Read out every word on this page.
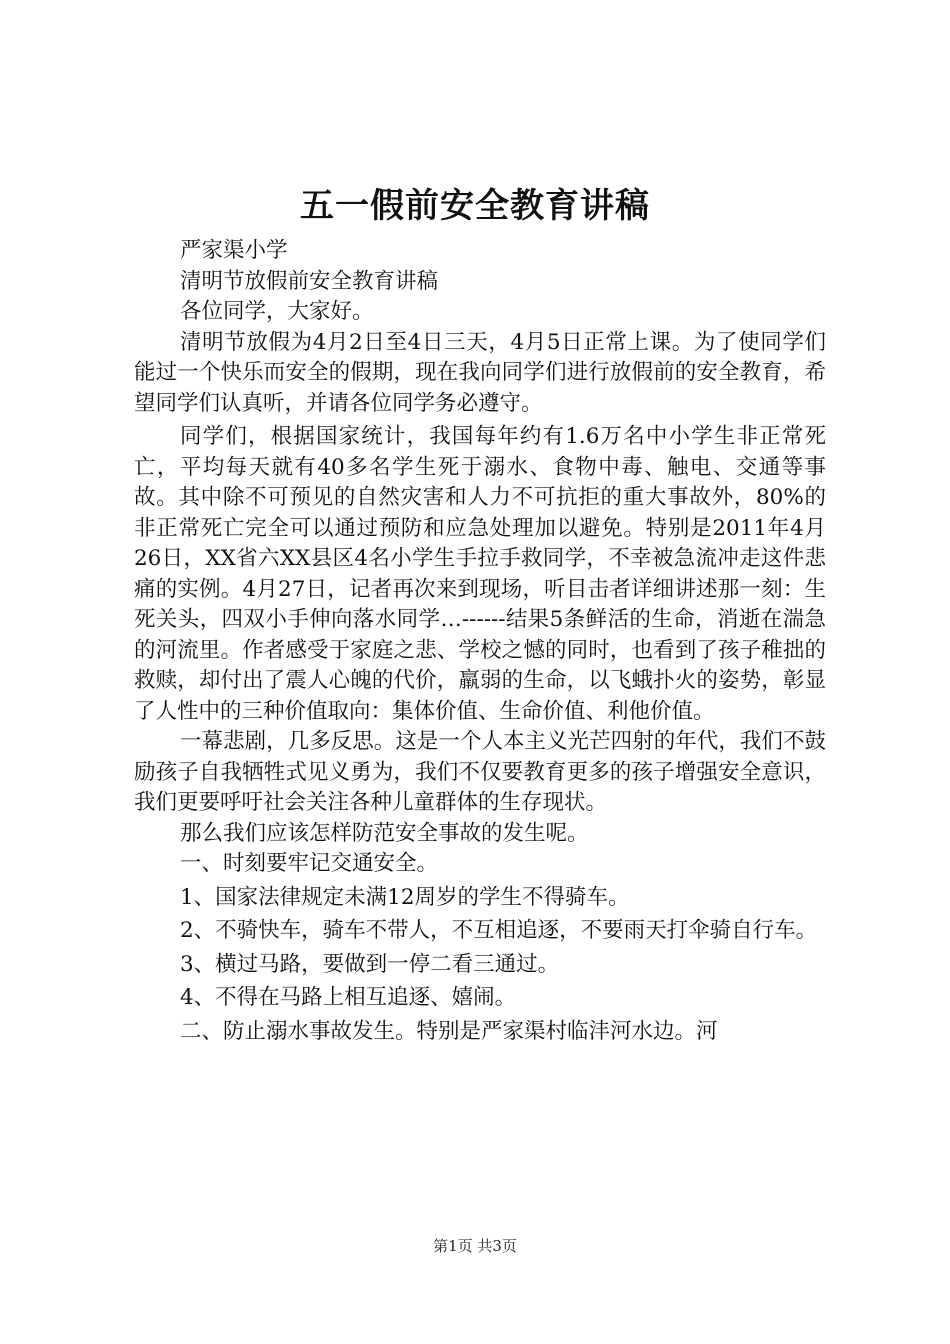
五一假前安全教育讲稿

严家渠小学

清明节放假前安全教育讲稿

各位同学，大家好。

清明节放假为4月2日至4日三天，4月5日正常上课。为了使同学们能过一个快乐而安全的假期，现在我向同学们进行放假前的安全教育，希望同学们认真听，并请各位同学务必遵守。

同学们，根据国家统计，我国每年约有1.6万名中小学生非正常死亡，平均每天就有40多名学生死于溺水、食物中毒、触电、交通等事故。其中除不可预见的自然灾害和人力不可抗拒的重大事故外，80%的非正常死亡完全可以通过预防和应急处理加以避免。特别是2011年4月26日，XX省六XX县区4名小学生手拉手救同学，不幸被急流冲走这件悲痛的实例。4月27日，记者再次来到现场，听目击者详细讲述那一刻：生死关头，四双小手伸向落水同学…------结果5条鲜活的生命，消逝在湍急的河流里。作者感受于家庭之悲、学校之憾的同时，也看到了孩子稚拙的救赎，却付出了震人心魄的代价，羸弱的生命，以飞蛾扑火的姿势，彰显了人性中的三种价值取向：集体价值、生命价值、利他价值。

一幕悲剧，几多反思。这是一个人本主义光芒四射的年代，我们不鼓励孩子自我牺牲式见义勇为，我们不仅要教育更多的孩子增强安全意识，我们更要呼吁社会关注各种儿童群体的生存现状。

那么我们应该怎样防范安全事故的发生呢。

一、时刻要牢记交通安全。

1、国家法律规定未满12周岁的学生不得骑车。

2、不骑快车，骑车不带人，不互相追逐，不要雨天打伞骑自行车。

3、横过马路，要做到一停二看三通过。

4、不得在马路上相互追逐、嬉闹。

二、防止溺水事故发生。特别是严家渠村临沣河水边。河

第1页 共3页
